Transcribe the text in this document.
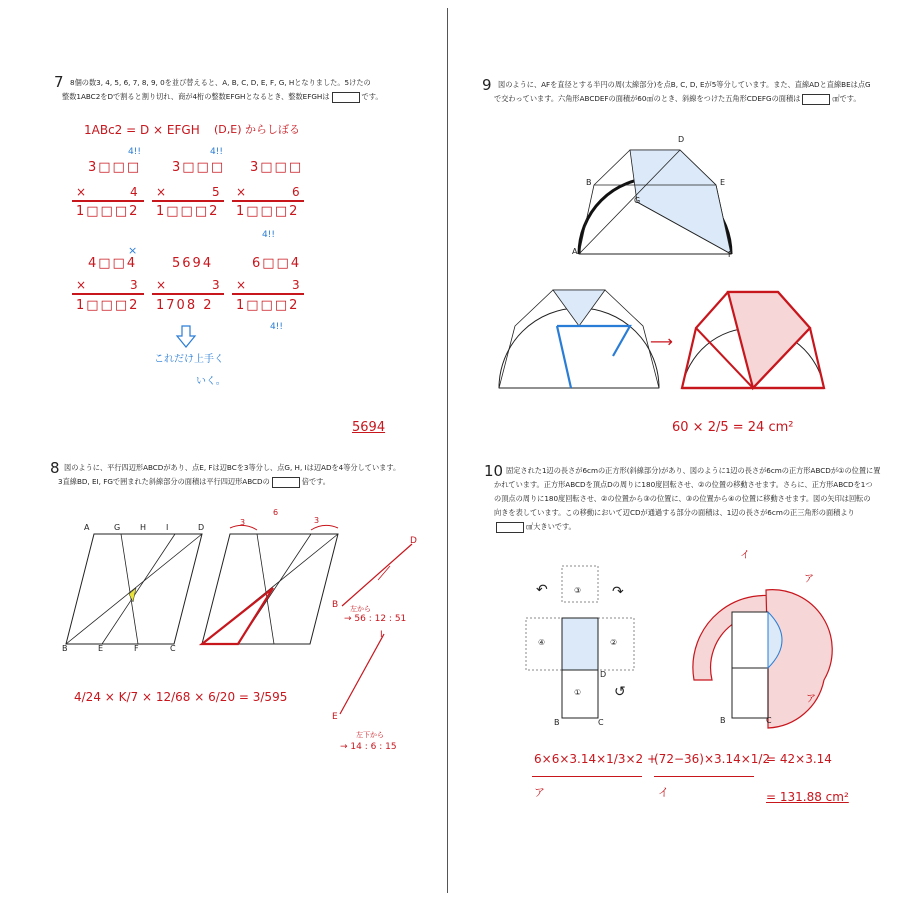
7 8個の数3, 4, 5, 6, 7, 8, 9, 0を並び替えると、A, B, C, D, E, F, G, Hとなりました。5けたの
整数1ABC2をDで割ると割り切れ、商が4桁の整数EFGHとなるとき、整数EFGHは	です。
1ABc2 = D × EFGH (D,E) からしぼる
3□□□
4!!
×	4
1□□□2
3□□□
4!!
×	5
1□□□2
3□□□
4!!
×	6
1□□□2
4□□4
×
×	3
1□□□2
5694
×	3
1708 2
6□□4
4!!
×	3
1□□□2
これだけ上手く
いく。
5694
8 図のように、平行四辺形ABCDがあり、点E, Fは辺BCを3等分し、点G, H, Iは辺ADを4等分しています。
3直線BD, EI, FGで囲まれた斜線部分の面積は平行四辺形ABCDの	倍です。
A	G H I	D
B	E	F	C
3
6
3
D
B 左から
→ 56 : 12 : 51
I
E
左下から
→ 14 : 6 : 15
4/24 × K/7 × 12/68 × 6/20 = 3/595
9 図のように、AFを直径とする半円の周(太線部分)を点B, C, D, Eが5等分しています。また、直線ADと直線BEは点G
で交わっています。六角形ABCDEFの面積が60㎠のとき、斜線をつけた五角形CDEFGの面積は	㎠です。
D
B	E
G
A	F
⟶
60 × 2/5 = 24 cm²
10 固定された1辺の長さが6cmの正方形(斜線部分)があり、図のように1辺の長さが6cmの正方形ABCDが①の位置に置
かれています。正方形ABCDを頂点Dの周りに180度回転させ、②の位置の移動させます。さらに、正方形ABCDを1つ
の頂点の周りに180度回転させ、②の位置から③の位置に、③の位置から④の位置に移動させます。図の矢印は回転の
向きを表しています。この移動において辺CDが通過する部分の面積は、1辺の長さが6cmの正三角形の面積より
㎠大きいです。
③
④	②
①
↶	↷
↺
イ
ア
ア
B	C
D
B	C
6×6×3.14×1/3×2 +
(72−36)×3.14×1/2
= 42×3.14
ア	イ	= 131.88 cm²
